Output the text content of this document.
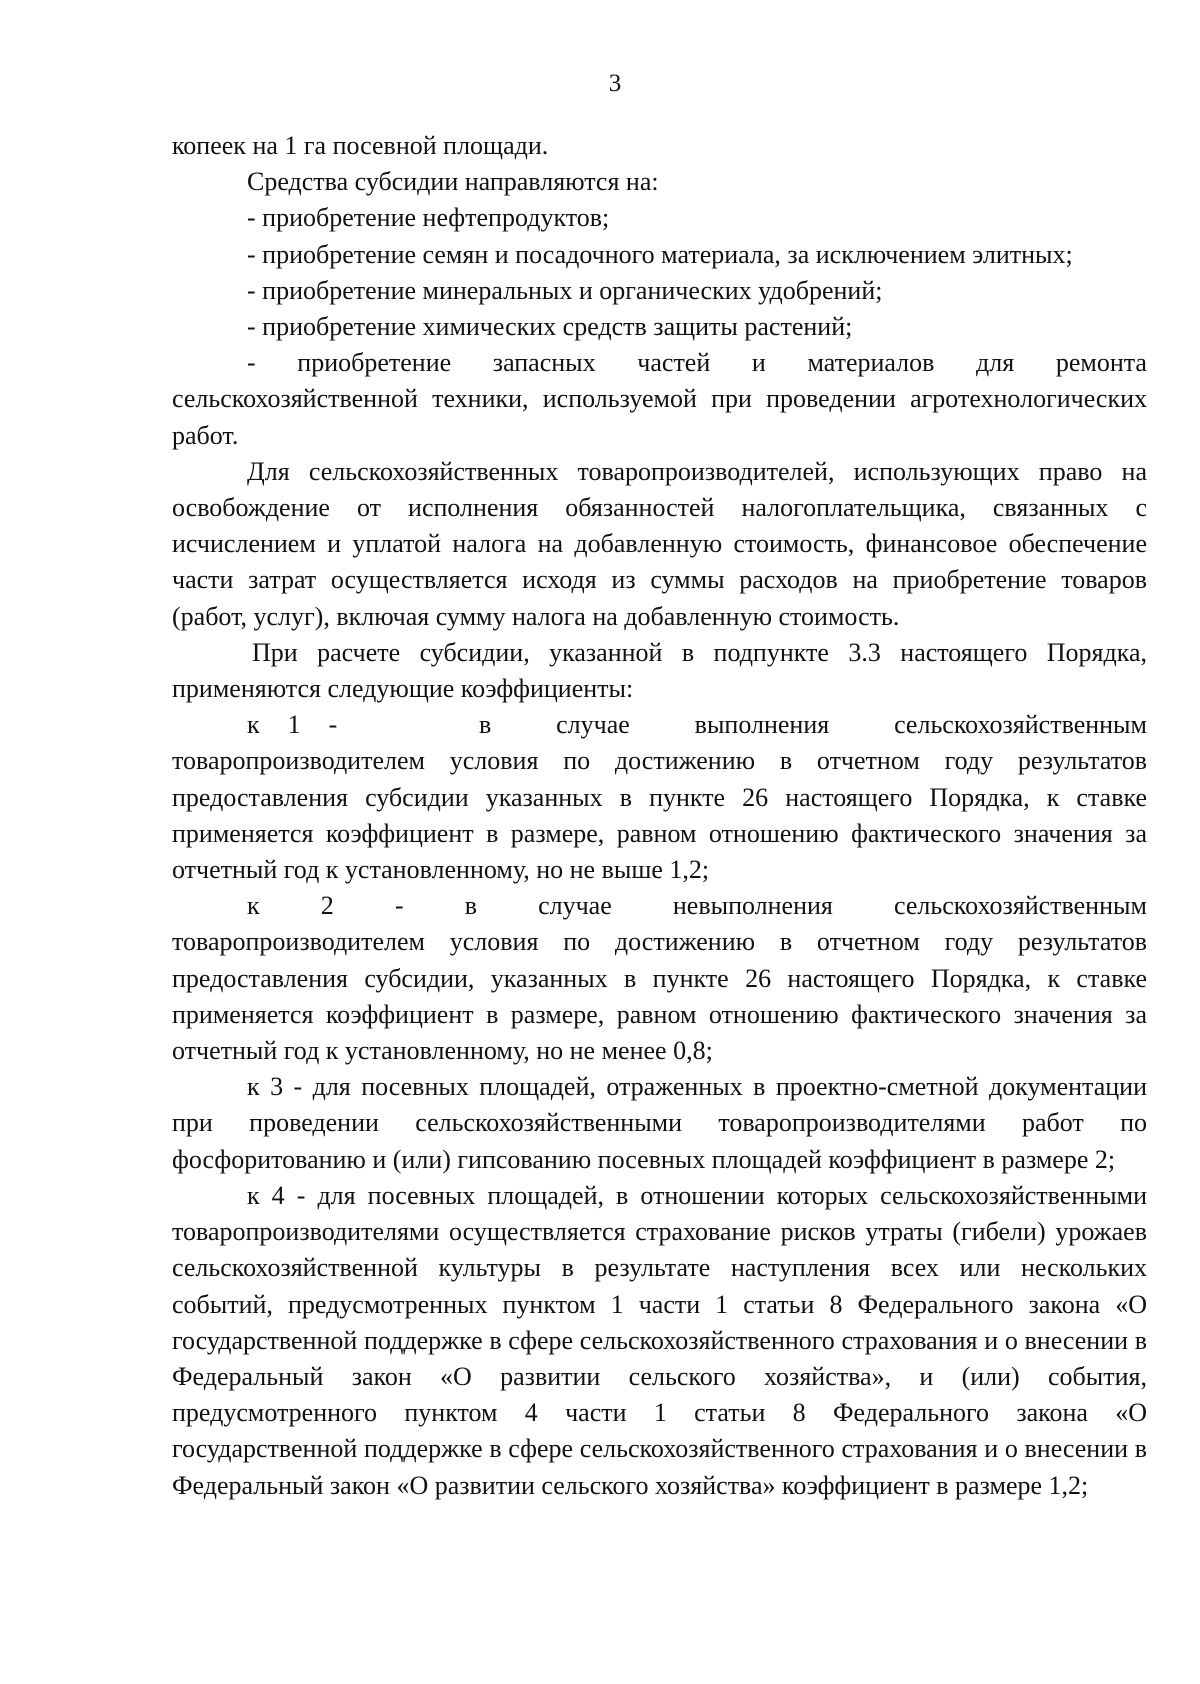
3

копеек на 1 га посевной площади.

Средства субсидии направляются на:

- приобретение нефтепродуктов;

- приобретение семян и посадочного материала, за исключением элитных;

- приобретение минеральных и органических удобрений;

- приобретение химических средств защиты растений;

- приобретение запасных частей и материалов для ремонта

сельскохозяйственной техники, используемой при проведении агротехнологических работ.

Для сельскохозяйственных товаропроизводителей, использующих право на освобождение от исполнения обязанностей налогоплательщика, связанных с исчислением и уплатой налога на добавленную стоимость, финансовое обеспечение части затрат осуществляется исходя из суммы расходов на приобретение товаров (работ, услуг), включая сумму налога на добавленную стоимость.

При расчете субсидии, указанной в подпункте 3.3 настоящего Порядка, применяются следующие коэффициенты:

к 1 -	в случае выполнения сельскохозяйственным

товаропроизводителем условия по достижению в отчетном году результатов предоставления субсидии указанных в пункте 26 настоящего Порядка, к ставке применяется коэффициент в размере, равном отношению фактического значения за отчетный год к установленному, но не выше 1,2;

к 2 - в случае невыполнения сельскохозяйственным

товаропроизводителем условия по достижению в отчетном году результатов предоставления субсидии, указанных в пункте 26 настоящего Порядка, к ставке применяется коэффициент в размере, равном отношению фактического значения за отчетный год к установленному, но не менее 0,8;

к 3 - для посевных площадей, отраженных в проектно-сметной документации при проведении сельскохозяйственными товаропроизводителями работ по фосфоритованию и (или) гипсованию посевных площадей коэффициент в размере 2;

к 4 - для посевных площадей, в отношении которых сельскохозяйственными товаропроизводителями осуществляется страхование рисков утраты (гибели) урожаев сельскохозяйственной культуры в результате наступления всех или нескольких событий, предусмотренных пунктом 1 части 1 статьи 8 Федерального закона «О государственной поддержке в сфере сельскохозяйственного страхования и о внесении в Федеральный закон «О развитии сельского хозяйства», и (или) события, предусмотренного пунктом 4 части 1 статьи 8 Федерального закона «О государственной поддержке в сфере сельскохозяйственного страхования и о внесении в Федеральный закон «О развитии сельского хозяйства» коэффициент в размере 1,2;
